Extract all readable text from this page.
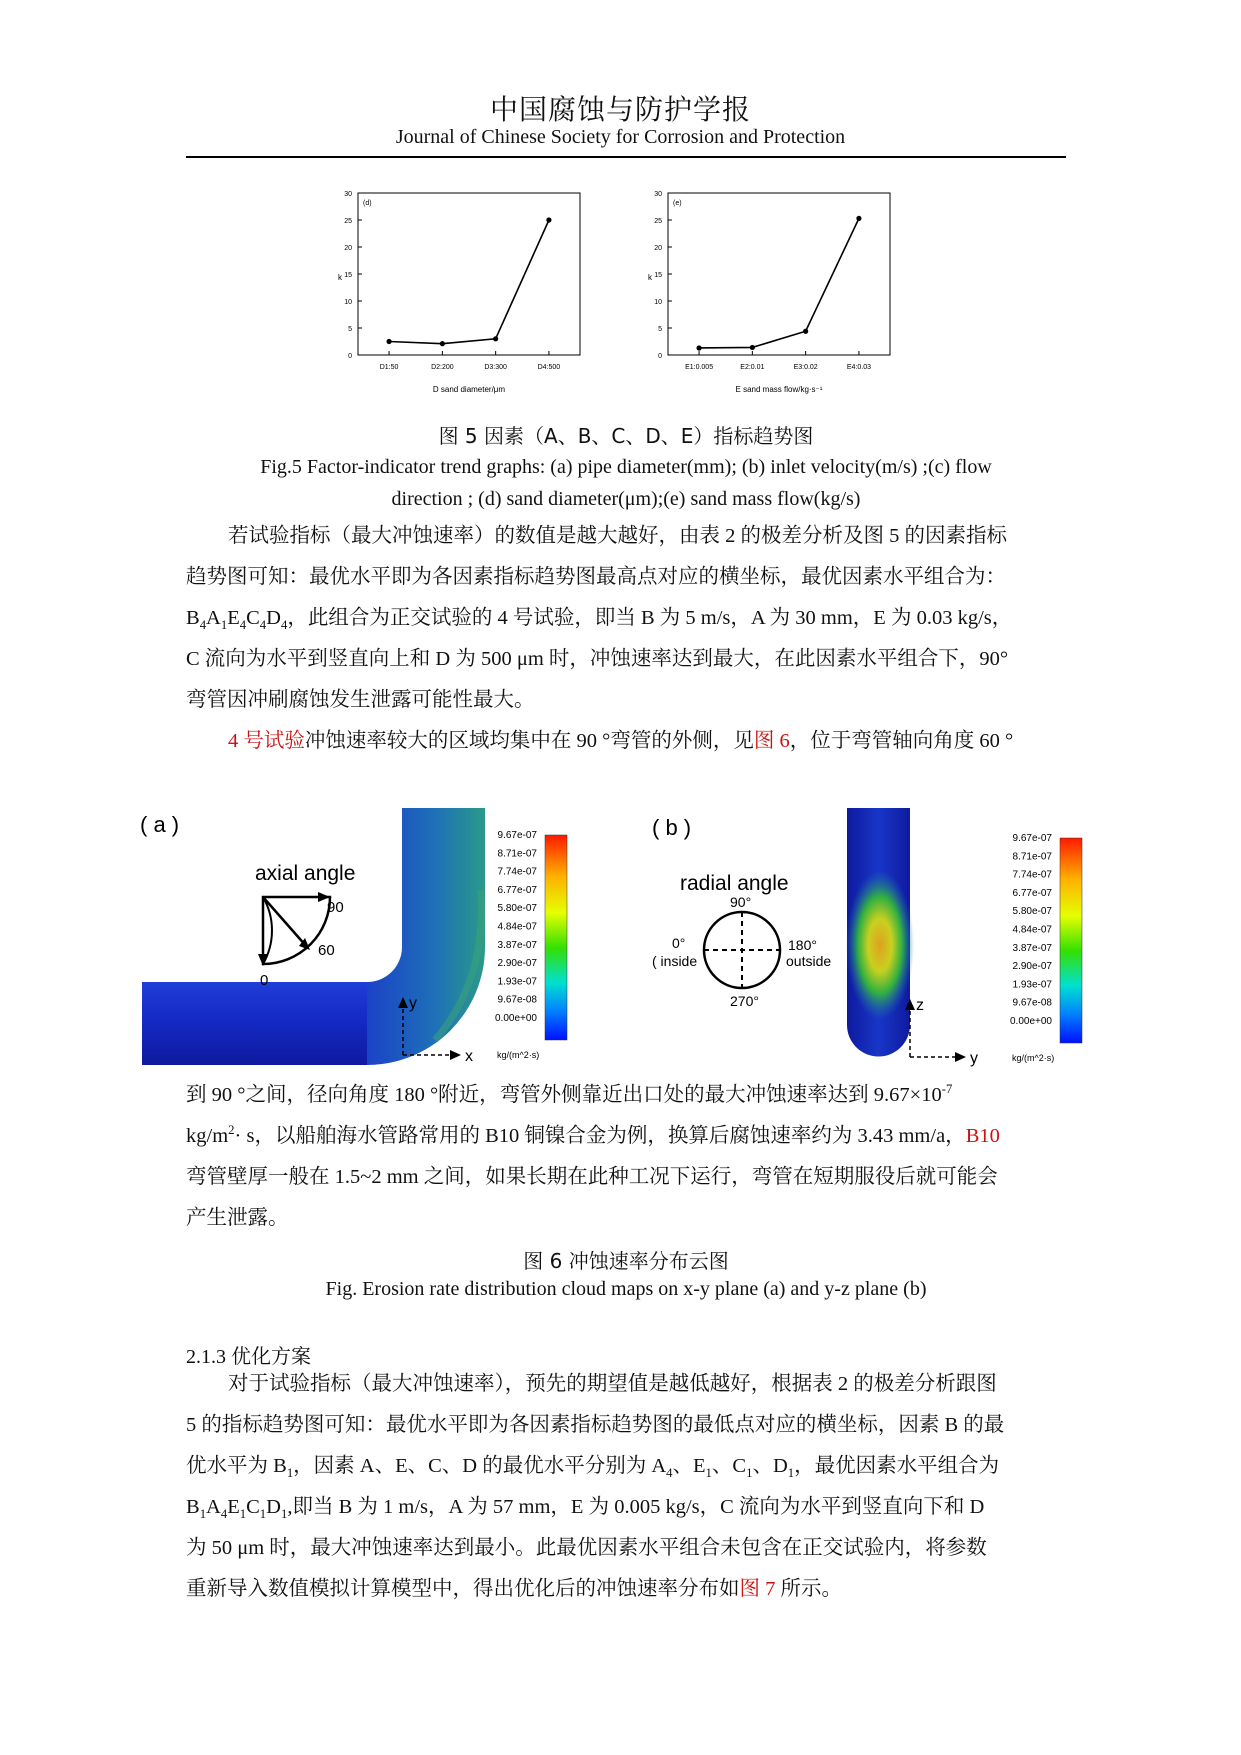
中国腐蚀与防护学报
Journal of Chinese Society for Corrosion and Protection
(d)
k
D sand diameter/μm
0
5
10
15
20
25
30
D1:50	D2:200	D3:300	D4:500
(e)
k
E sand mass flow/kg·s⁻¹
0
5
10
15
20
25
30
E1:0.005	E2:0.01	E3:0.02	E4:0.03
图 5 因素（A、B、C、D、E）指标趋势图
Fig.5 Factor-indicator trend graphs: (a) pipe diameter(mm); (b) inlet velocity(m/s) ;(c) flow
direction ; (d) sand diameter(μm);(e) sand mass flow(kg/s)

若试验指标（最大冲蚀速率）的数值是越大越好，由表 2 的极差分析及图 5 的因素指标

趋势图可知：最优水平即为各因素指标趋势图最高点对应的横坐标，最优因素水平组合为：

$B_4A_1E_4C_4D_4$，此组合为正交试验的 4 号试验，即当 B 为 5 m/s，A 为 30 mm，E 为 0.03 kg/s，

C 流向为水平到竖直向上和 D 为 500 μm 时，冲蚀速率达到最大，在此因素水平组合下，90°

弯管因冲刷腐蚀发生泄露可能性最大。

4 号试验冲蚀速率较大的区域均集中在 90 °弯管的外侧，见图 6，位于弯管轴向角度 60 °

( a )
axial angle
90
60
0
y
x
9.67e-07
8.71e-07
7.74e-07
6.77e-07
5.80e-07
4.84e-07
3.87e-07
2.90e-07
1.93e-07
9.67e-08
0.00e+00
kg/(m^2·s)
( b )
radial angle
90°
0°
( inside
180°
outside
270°	z
y
9.67e-07
8.71e-07
7.74e-07
6.77e-07
5.80e-07
4.84e-07
3.87e-07
2.90e-07
1.93e-07
9.67e-08
0.00e+00
kg/(m^2·s)

到 90 °之间，径向角度 180 °附近，弯管外侧靠近出口处的最大冲蚀速率达到 $9.67\times 10^{-7}$

$kg/m^2\cdot s$，以船舶海水管路常用的 B10 铜镍合金为例，换算后腐蚀速率约为 3.43 mm/a，B10

弯管壁厚一般在 1.5~2 mm 之间，如果长期在此种工况下运行，弯管在短期服役后就可能会

产生泄露。

图 6 冲蚀速率分布云图
Fig. Erosion rate distribution cloud maps on x-y plane (a) and y-z plane (b)
2.1.3 优化方案

对于试验指标（最大冲蚀速率），预先的期望值是越低越好，根据表 2 的极差分析跟图

5 的指标趋势图可知：最优水平即为各因素指标趋势图的最低点对应的横坐标，因素 B 的最

优水平为 $B_1$，因素 A、E、C、D 的最优水平分别为 $A_4$、$E_1$、$C_1$、$D_1$，最优因素水平组合为

$B_1A_4E_1C_1D_1$,即当 B 为 1 m/s，A 为 57 mm，E 为 0.005 kg/s，C 流向为水平到竖直向下和 D

为 50 μm 时，最大冲蚀速率达到最小。此最优因素水平组合未包含在正交试验内，将参数

重新导入数值模拟计算模型中，得出优化后的冲蚀速率分布如图 7 所示。
